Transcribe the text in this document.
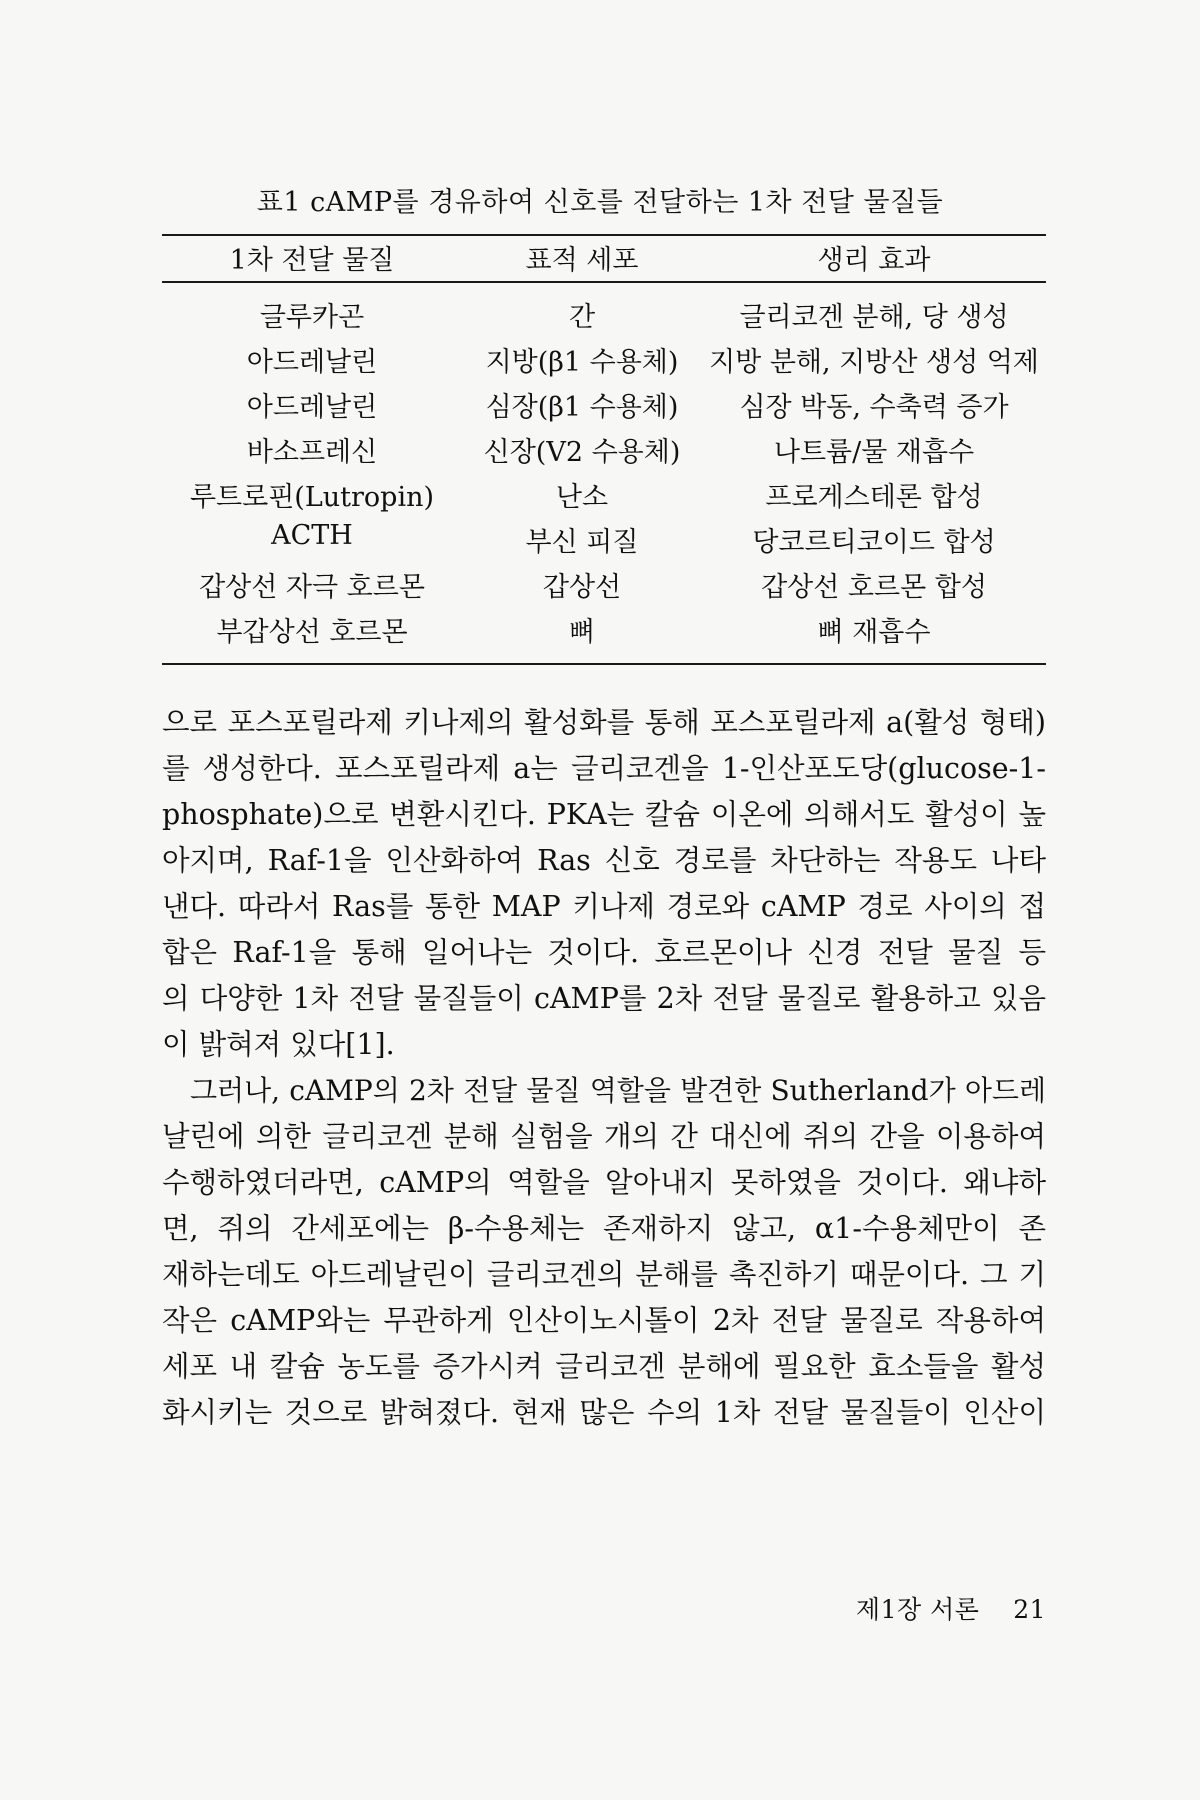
표1 cAMP를 경유하여 신호를 전달하는 1차 전달 물질들
1차 전달 물질	표적 세포	생리 효과
글루카곤	간	글리코겐 분해, 당 생성
아드레날린	지방(β1 수용체)	지방 분해, 지방산 생성 억제
아드레날린	심장(β1 수용체)	심장 박동, 수축력 증가
바소프레신	신장(V2 수용체)	나트륨/물 재흡수
루트로핀(Lutropin)	난소	프로게스테론 합성
ACTH	부신 피질	당코르티코이드 합성
갑상선 자극 호르몬	갑상선	갑상선 호르몬 합성
부갑상선 호르몬	뼈	뼈 재흡수
으로 포스포릴라제 키나제의 활성화를 통해 포스포릴라제 a(활성 형태)
를 생성한다. 포스포릴라제 a는 글리코겐을 1-인산포도당(glucose-1-
phosphate)으로 변환시킨다. PKA는 칼슘 이온에 의해서도 활성이 높
아지며, Raf-1을 인산화하여 Ras 신호 경로를 차단하는 작용도 나타
낸다. 따라서 Ras를 통한 MAP 키나제 경로와 cAMP 경로 사이의 접
합은 Raf-1을 통해 일어나는 것이다. 호르몬이나 신경 전달 물질 등
의 다양한 1차 전달 물질들이 cAMP를 2차 전달 물질로 활용하고 있음
이 밝혀져 있다[1].
그러나, cAMP의 2차 전달 물질 역할을 발견한 Sutherland가 아드레
날린에 의한 글리코겐 분해 실험을 개의 간 대신에 쥐의 간을 이용하여
수행하였더라면, cAMP의 역할을 알아내지 못하였을 것이다. 왜냐하
면, 쥐의 간세포에는 β-수용체는 존재하지 않고, α1-수용체만이 존
재하는데도 아드레날린이 글리코겐의 분해를 촉진하기 때문이다. 그 기
작은 cAMP와는 무관하게 인산이노시톨이 2차 전달 물질로 작용하여
세포 내 칼슘 농도를 증가시켜 글리코겐 분해에 필요한 효소들을 활성
화시키는 것으로 밝혀졌다. 현재 많은 수의 1차 전달 물질들이 인산이
제1장 서론 21
